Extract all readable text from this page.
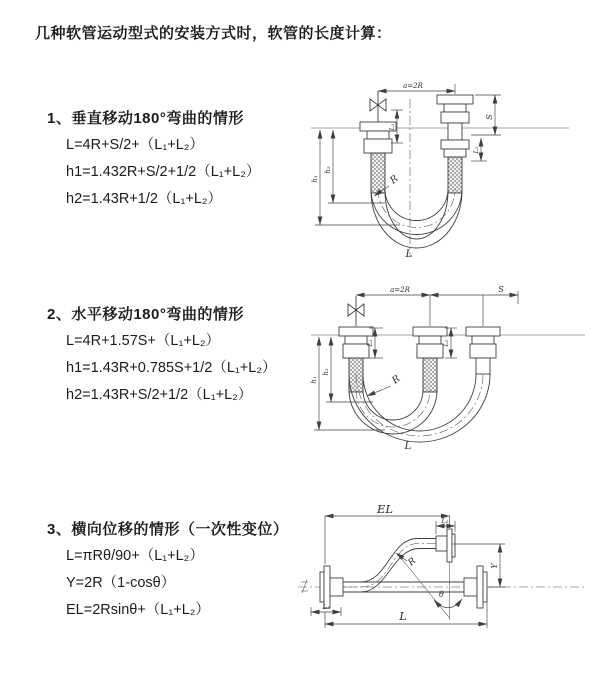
几种软管运动型式的安装方式时，软管的长度计算：
1、垂直移动180°弯曲的情形
L=4R+S/2+（L₁+L₂）
h1=1.432R+S/2+1/2（L₁+L₂）
h2=1.43R+1/2（L₁+L₂）
2、水平移动180°弯曲的情形
L=4R+1.57S+（L₁+L₂）
h1=1.43R+0.785S+1/2（L₁+L₂）
h2=1.43R+S/2+1/2（L₁+L₂）
3、横向位移的情形（一次性变位）
L=πRθ/90+（L₁+L₂）
Y=2R（1-cosθ）
EL=2Rsinθ+（L₁+L₂）
a=2R
h₁
h₂
S
L₁
L₂
R
L
a=2R	S
h₁
h₂
L₁	L₂
R
L
θ
R
EL
L₂
Y
L₁
L
